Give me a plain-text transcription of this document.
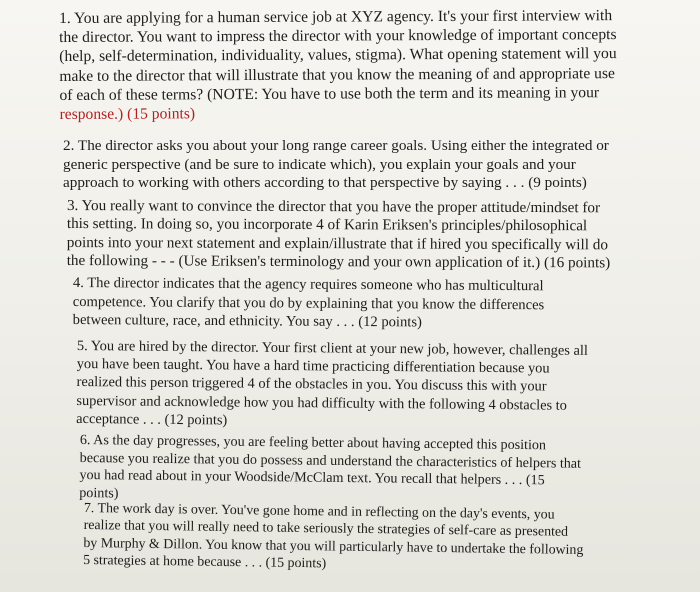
1. You are applying for a human service job at XYZ agency. It's your first interview with
the director. You want to impress the director with your knowledge of important concepts
(help, self-determination, individuality, values, stigma). What opening statement will you
make to the director that will illustrate that you know the meaning of and appropriate use
of each of these terms? (NOTE: You have to use both the term and its meaning in your
response.) (15 points)
2. The director asks you about your long range career goals. Using either the integrated or
generic perspective (and be sure to indicate which), you explain your goals and your
approach to working with others according to that perspective by saying . . . (9 points)
3. You really want to convince the director that you have the proper attitude/mindset for
this setting. In doing so, you incorporate 4 of Karin Eriksen's principles/philosophical
points into your next statement and explain/illustrate that if hired you specifically will do
the following - - - (Use Eriksen's terminology and your own application of it.) (16 points)
4. The director indicates that the agency requires someone who has multicultural
competence. You clarify that you do by explaining that you know the differences
between culture, race, and ethnicity. You say . . . (12 points)
5. You are hired by the director. Your first client at your new job, however, challenges all
you have been taught. You have a hard time practicing differentiation because you
realized this person triggered 4 of the obstacles in you. You discuss this with your
supervisor and acknowledge how you had difficulty with the following 4 obstacles to
acceptance . . . (12 points)
6. As the day progresses, you are feeling better about having accepted this position
because you realize that you do possess and understand the characteristics of helpers that
you had read about in your Woodside/McClam text. You recall that helpers . . . (15
points)
7. The work day is over. You've gone home and in reflecting on the day's events, you
realize that you will really need to take seriously the strategies of self-care as presented
by Murphy & Dillon. You know that you will particularly have to undertake the following
5 strategies at home because . . . (15 points)
